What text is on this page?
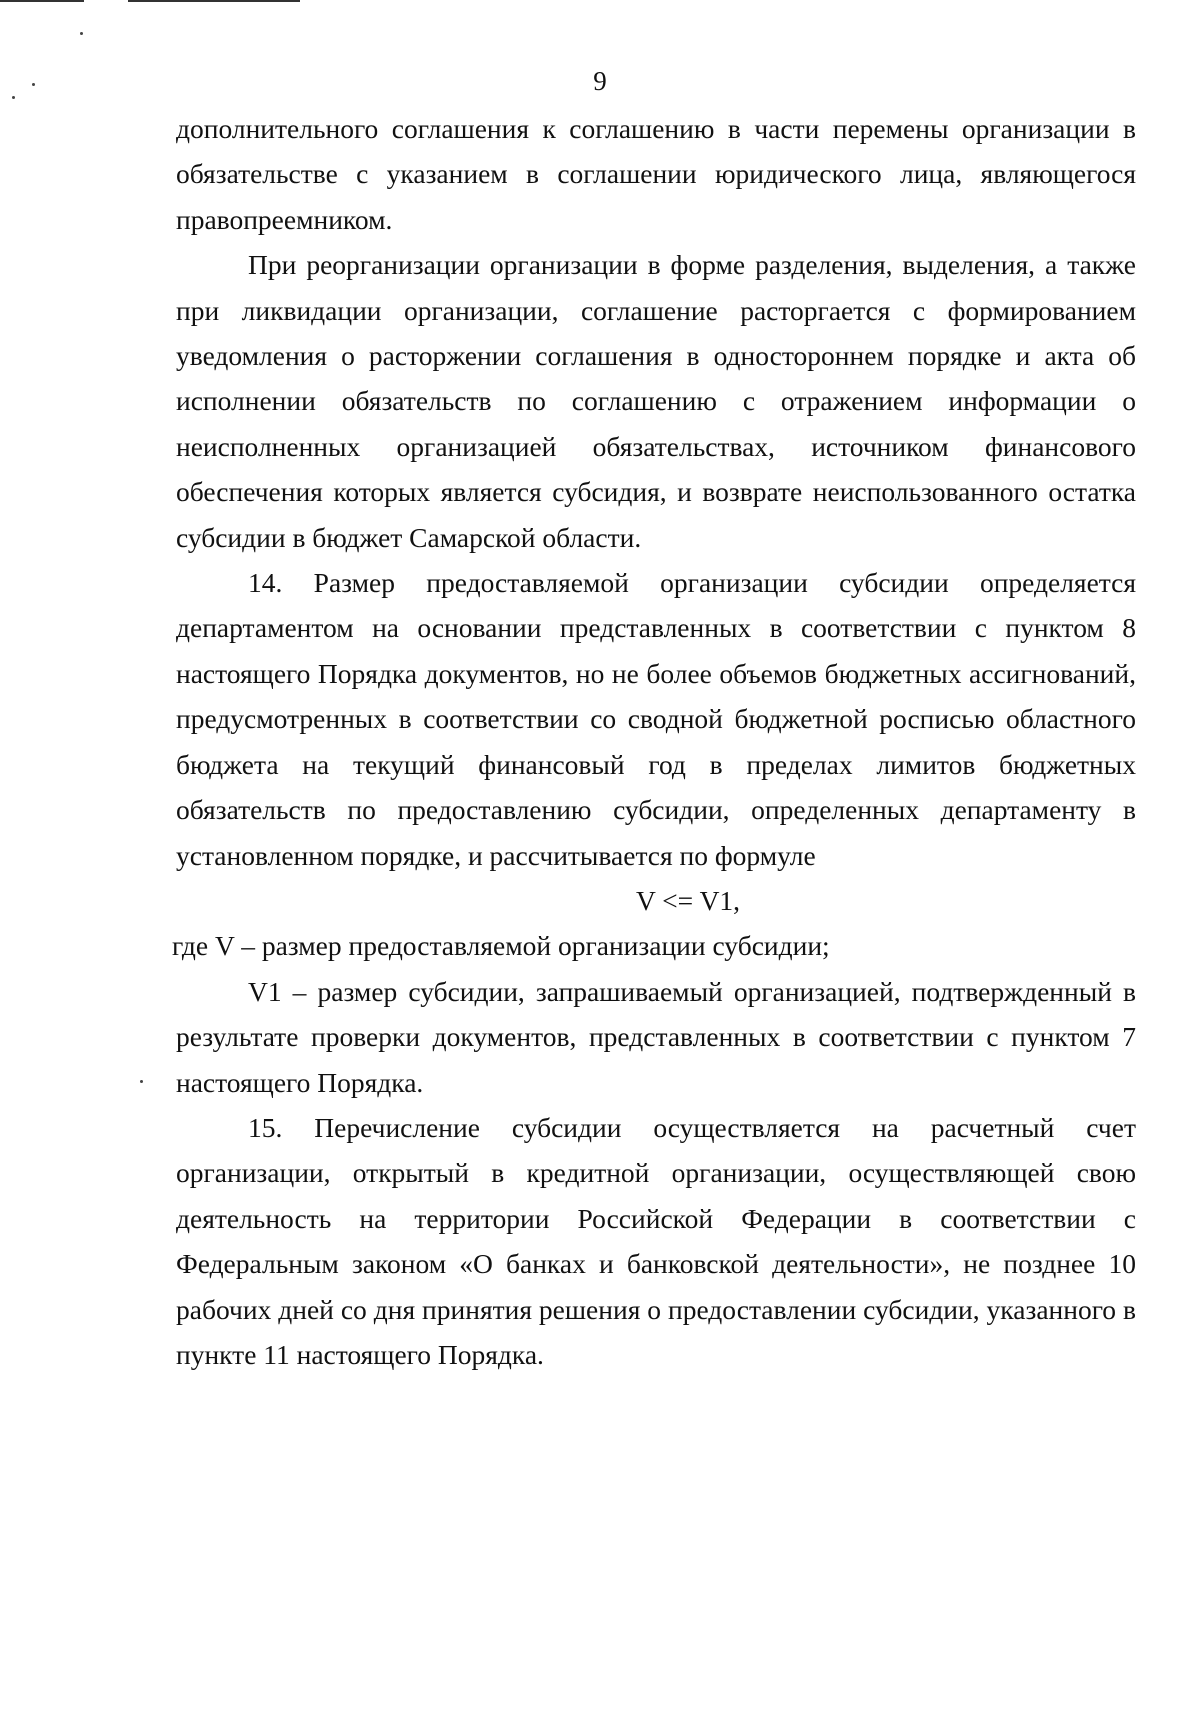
9

дополнительного соглашения к соглашению в части перемены организации в обязательстве с указанием в соглашении юридического лица, являющегося правопреемником.

При реорганизации организации в форме разделения, выделения, а также при ликвидации организации, соглашение расторгается с формированием уведомления о расторжении соглашения в одностороннем порядке и акта об исполнении обязательств по соглашению с отражением информации о неисполненных организацией обязательствах, источником финансового обеспечения которых является субсидия, и возврате неиспользованного остатка субсидии в бюджет Самарской области.

14. Размер предоставляемой организации субсидии определяется департаментом на основании представленных в соответствии с пунктом 8 настоящего Порядка документов, но не более объемов бюджетных ассигнований, предусмотренных в соответствии со сводной бюджетной росписью областного бюджета на текущий финансовый год в пределах лимитов бюджетных обязательств по предоставлению субсидии, определенных департаменту в установленном порядке, и рассчитывается по формуле

V <= V1,

где V – размер предоставляемой организации субсидии;

V1 – размер субсидии, запрашиваемый организацией, подтвержденный в результате проверки документов, представленных в соответствии с пунктом 7 настоящего Порядка.

15. Перечисление субсидии осуществляется на расчетный счет организации, открытый в кредитной организации, осуществляющей свою деятельность на территории Российской Федерации в соответствии с Федеральным законом «О банках и банковской деятельности», не позднее 10 рабочих дней со дня принятия решения о предоставлении субсидии, указанного в пункте 11 настоящего Порядка.
